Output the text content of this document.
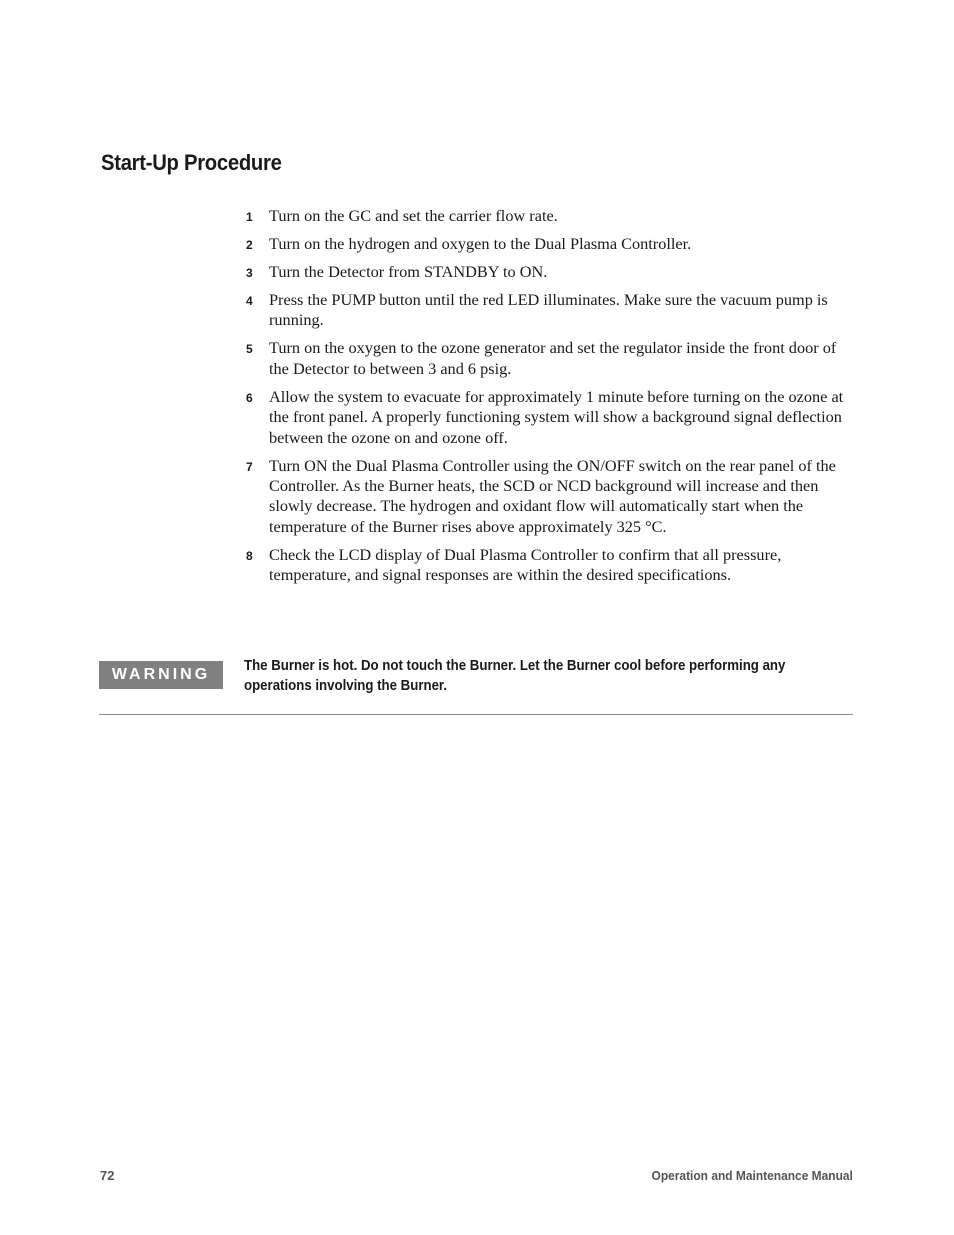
Start-Up Procedure
1 Turn on the GC and set the carrier flow rate.
2 Turn on the hydrogen and oxygen to the Dual Plasma Controller.
3 Turn the Detector from STANDBY to ON.
4 Press the PUMP button until the red LED illuminates. Make sure the vacuum pump is running.
5 Turn on the oxygen to the ozone generator and set the regulator inside the front door of the Detector to between 3 and 6 psig.
6 Allow the system to evacuate for approximately 1 minute before turning on the ozone at the front panel. A properly functioning system will show a background signal deflection between the ozone on and ozone off.
7 Turn ON the Dual Plasma Controller using the ON/OFF switch on the rear panel of the Controller. As the Burner heats, the SCD or NCD background will increase and then slowly decrease. The hydrogen and oxidant flow will automatically start when the temperature of the Burner rises above approximately 325 °C.
8 Check the LCD display of Dual Plasma Controller to confirm that all pressure, temperature, and signal responses are within the desired specifications.
WARNING	The Burner is hot. Do not touch the Burner. Let the Burner cool before performing any operations involving the Burner.
72	Operation and Maintenance Manual
